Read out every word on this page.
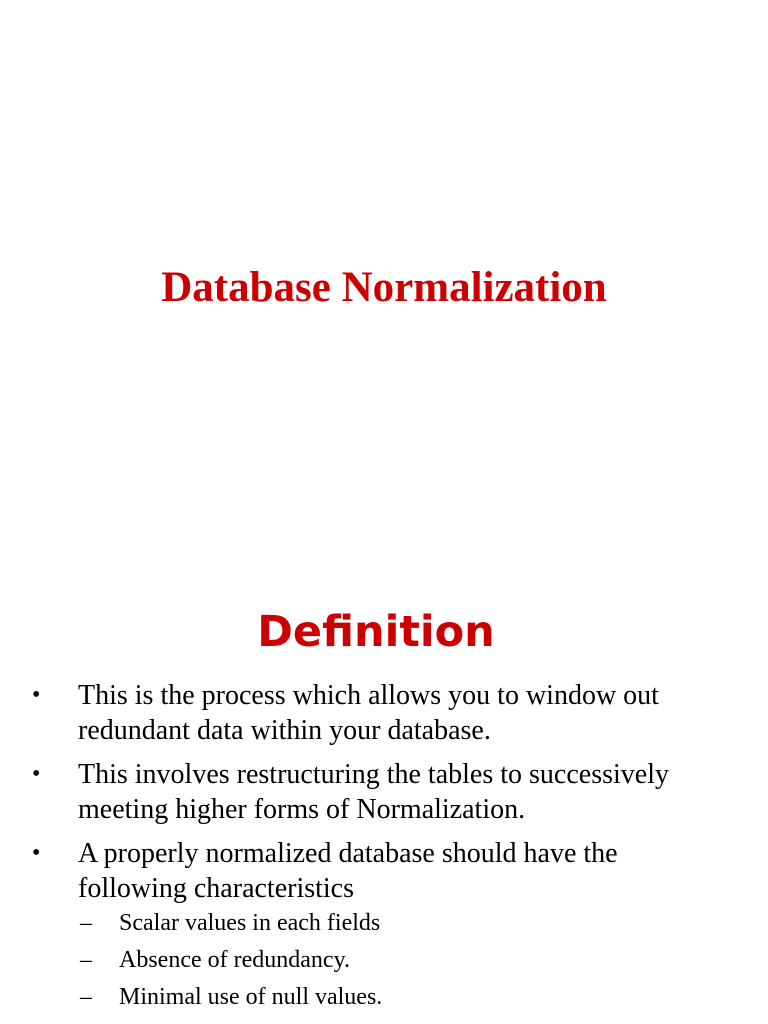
Database Normalization
Definition
• This is the process which allows you to window out redundant data within your database.
• This involves restructuring the tables to successively meeting higher forms of Normalization.
• A properly normalized database should have the following characteristics
– Scalar values in each fields
– Absence of redundancy.
– Minimal use of null values.
